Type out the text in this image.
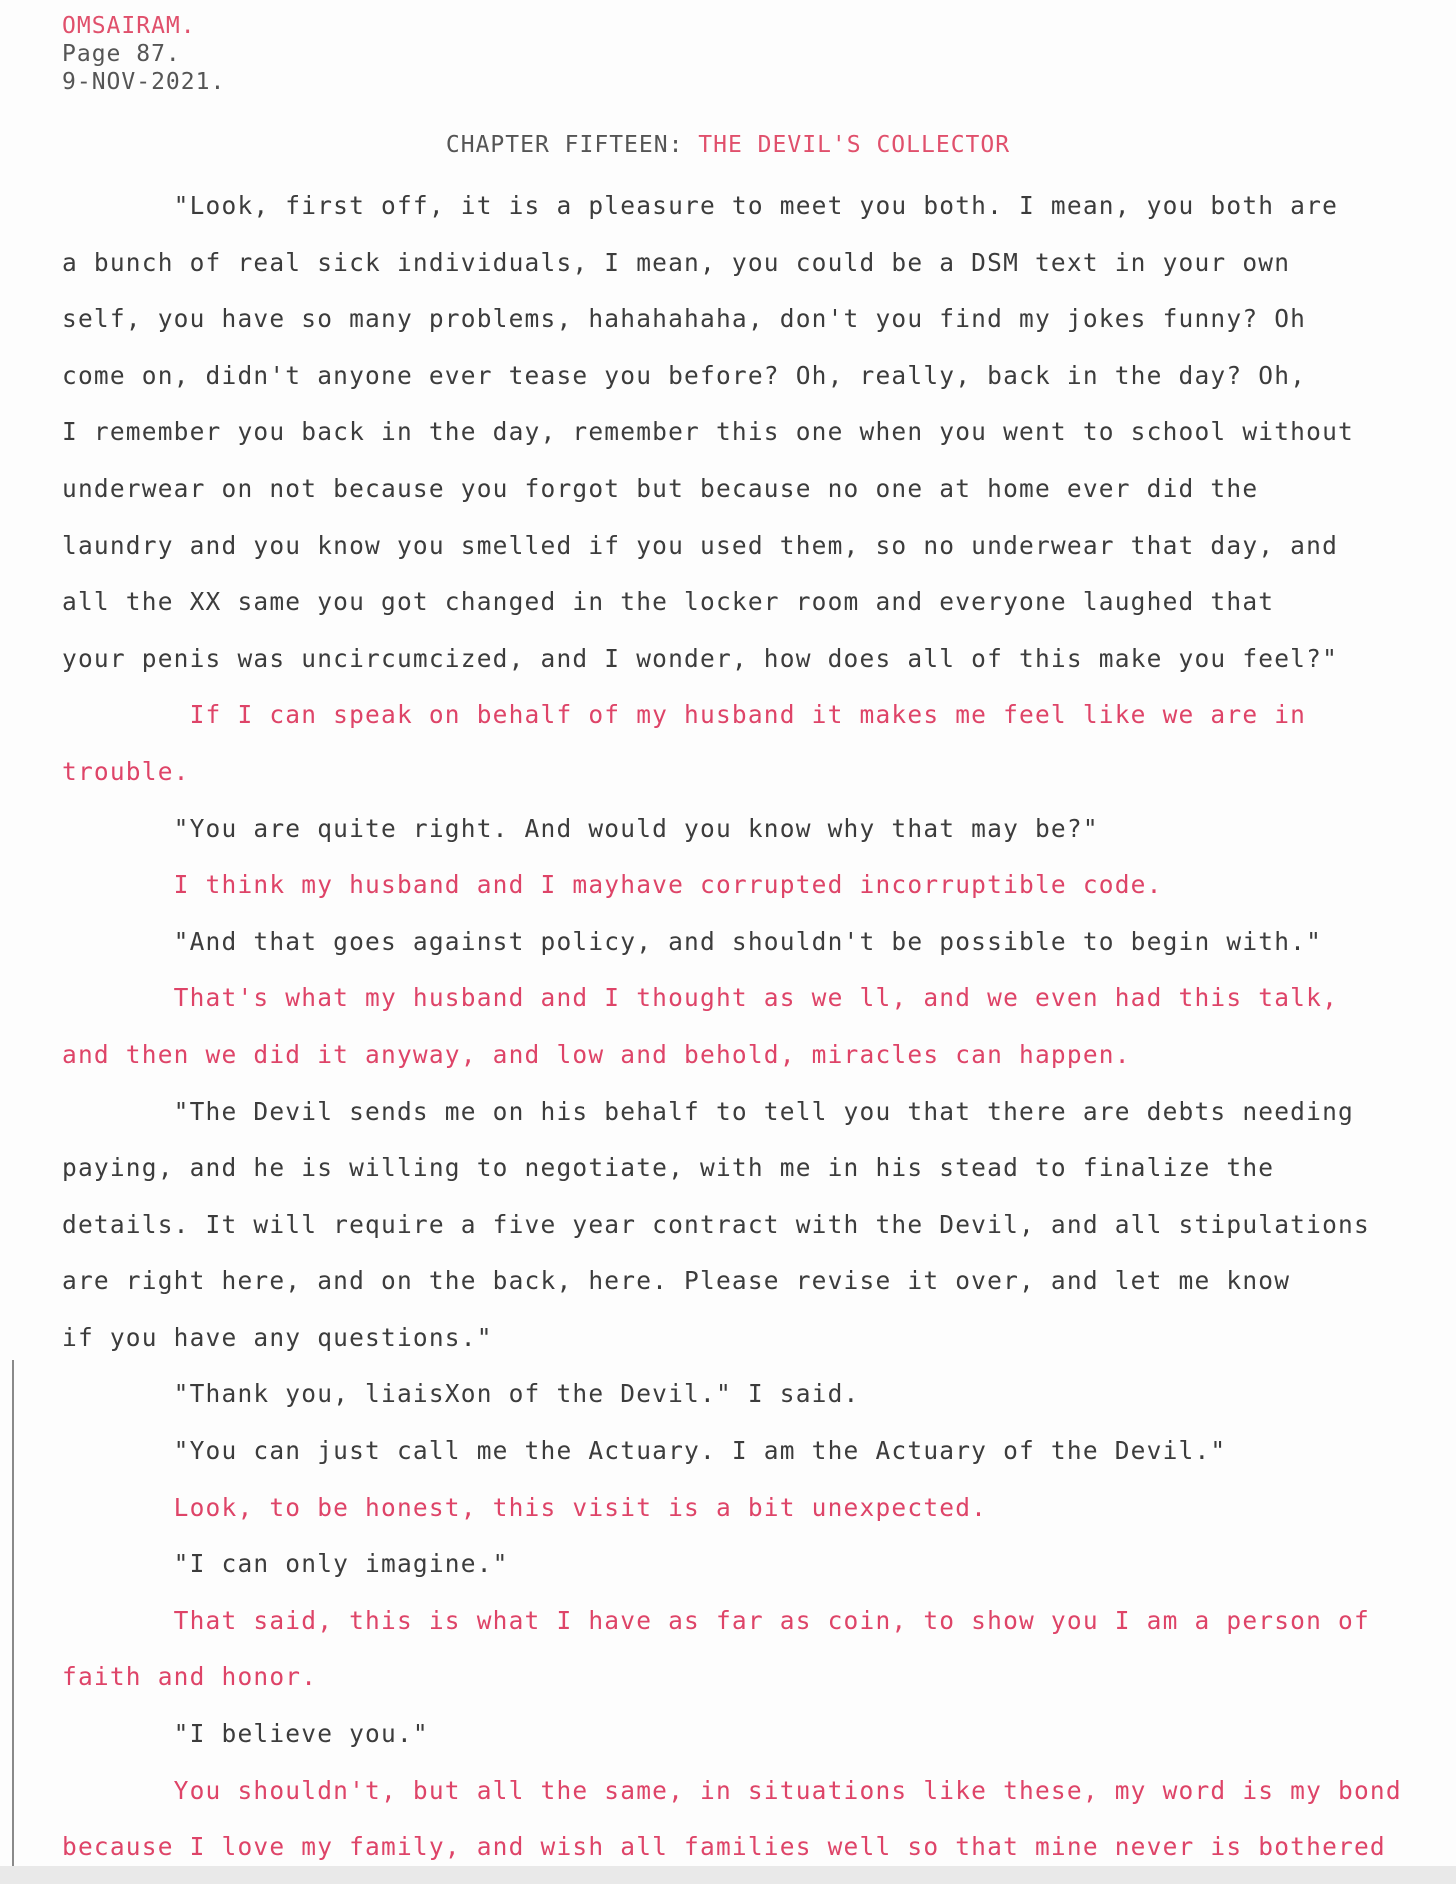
OMSAIRAM.
Page 87.
9-NOV-2021.
CHAPTER FIFTEEN: THE DEVIL'S COLLECTOR
"Look, first off, it is a pleasure to meet you both. I mean, you both are
a bunch of real sick individuals, I mean, you could be a DSM text in your own
self, you have so many problems, hahahahaha, don't you find my jokes funny? Oh
come on, didn't anyone ever tease you before? Oh, really, back in the day? Oh,
I remember you back in the day, remember this one when you went to school without
underwear on not because you forgot but because no one at home ever did the
laundry and you know you smelled if you used them, so no underwear that day, and
all the XX same you got changed in the locker room and everyone laughed that
your penis was uncircumcized, and I wonder, how does all of this make you feel?"
If I can speak on behalf of my husband it makes me feel like we are in
trouble.
"You are quite right. And would you know why that may be?"
I think my husband and I mayhave corrupted incorruptible code.
"And that goes against policy, and shouldn't be possible to begin with."
That's what my husband and I thought as we ll, and we even had this talk,
and then we did it anyway, and low and behold, miracles can happen.
"The Devil sends me on his behalf to tell you that there are debts needing
paying, and he is willing to negotiate, with me in his stead to finalize the
details. It will require a five year contract with the Devil, and all stipulations
are right here, and on the back, here. Please revise it over, and let me know
if you have any questions."
"Thank you, liaisXon of the Devil." I said.
"You can just call me the Actuary. I am the Actuary of the Devil."
Look, to be honest, this visit is a bit unexpected.
"I can only imagine."
That said, this is what I have as far as coin, to show you I am a person of
faith and honor.
"I believe you."
You shouldn't, but all the same, in situations like these, my word is my bond
because I love my family, and wish all families well so that mine never is bothered
